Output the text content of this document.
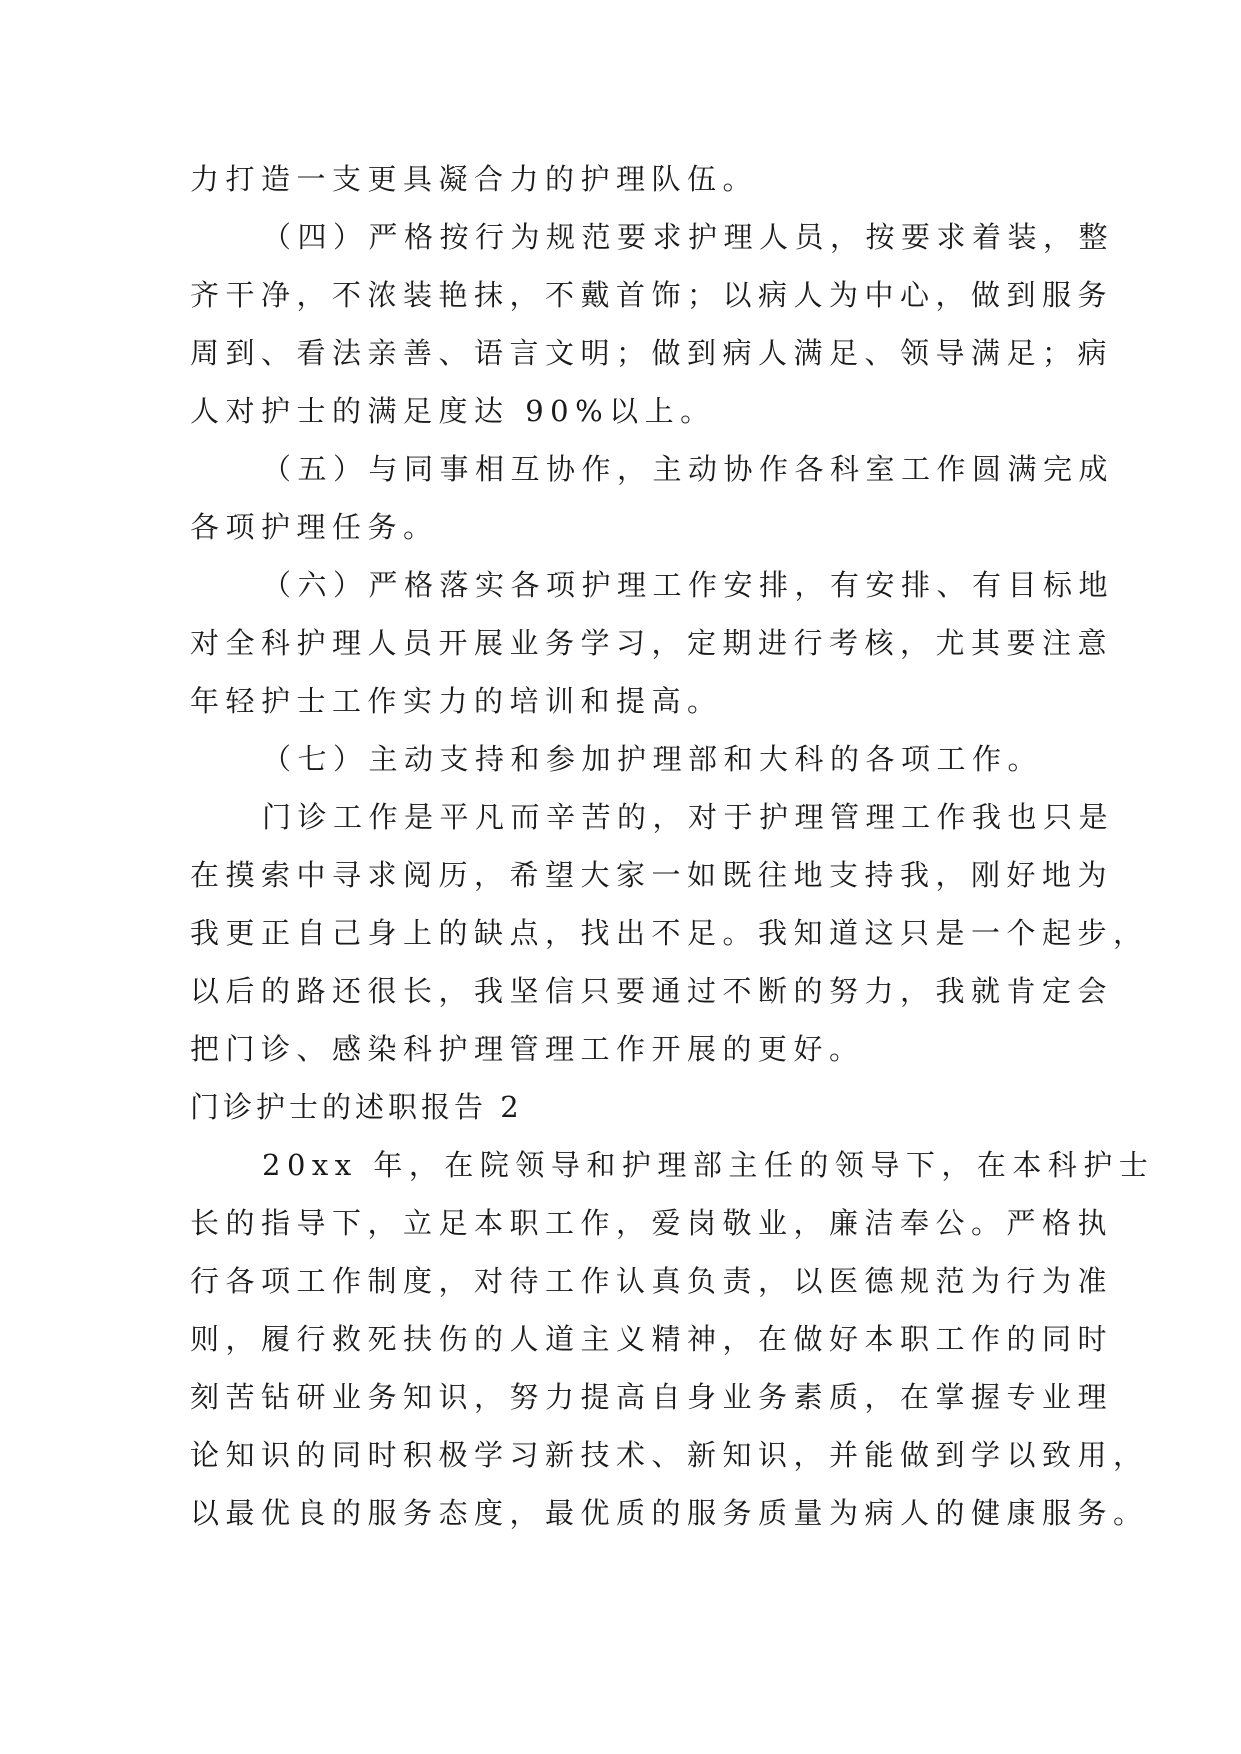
力打造一支更具凝合力的护理队伍。
（四）严格按行为规范要求护理人员，按要求着装，整
齐干净，不浓装艳抹，不戴首饰；以病人为中心，做到服务
周到、看法亲善、语言文明；做到病人满足、领导满足；病
人对护士的满足度达 90%以上。
（五）与同事相互协作，主动协作各科室工作圆满完成
各项护理任务。
（六）严格落实各项护理工作安排，有安排、有目标地
对全科护理人员开展业务学习，定期进行考核，尤其要注意
年轻护士工作实力的培训和提高。
（七）主动支持和参加护理部和大科的各项工作。
门诊工作是平凡而辛苦的，对于护理管理工作我也只是
在摸索中寻求阅历，希望大家一如既往地支持我，刚好地为
我更正自己身上的缺点，找出不足。我知道这只是一个起步，
以后的路还很长，我坚信只要通过不断的努力，我就肯定会
把门诊、感染科护理管理工作开展的更好。
门诊护士的述职报告 2
20xx 年，在院领导和护理部主任的领导下，在本科护士
长的指导下，立足本职工作，爱岗敬业，廉洁奉公。严格执
行各项工作制度，对待工作认真负责，以医德规范为行为准
则，履行救死扶伤的人道主义精神，在做好本职工作的同时
刻苦钻研业务知识，努力提高自身业务素质，在掌握专业理
论知识的同时积极学习新技术、新知识，并能做到学以致用，
以最优良的服务态度，最优质的服务质量为病人的健康服务。
